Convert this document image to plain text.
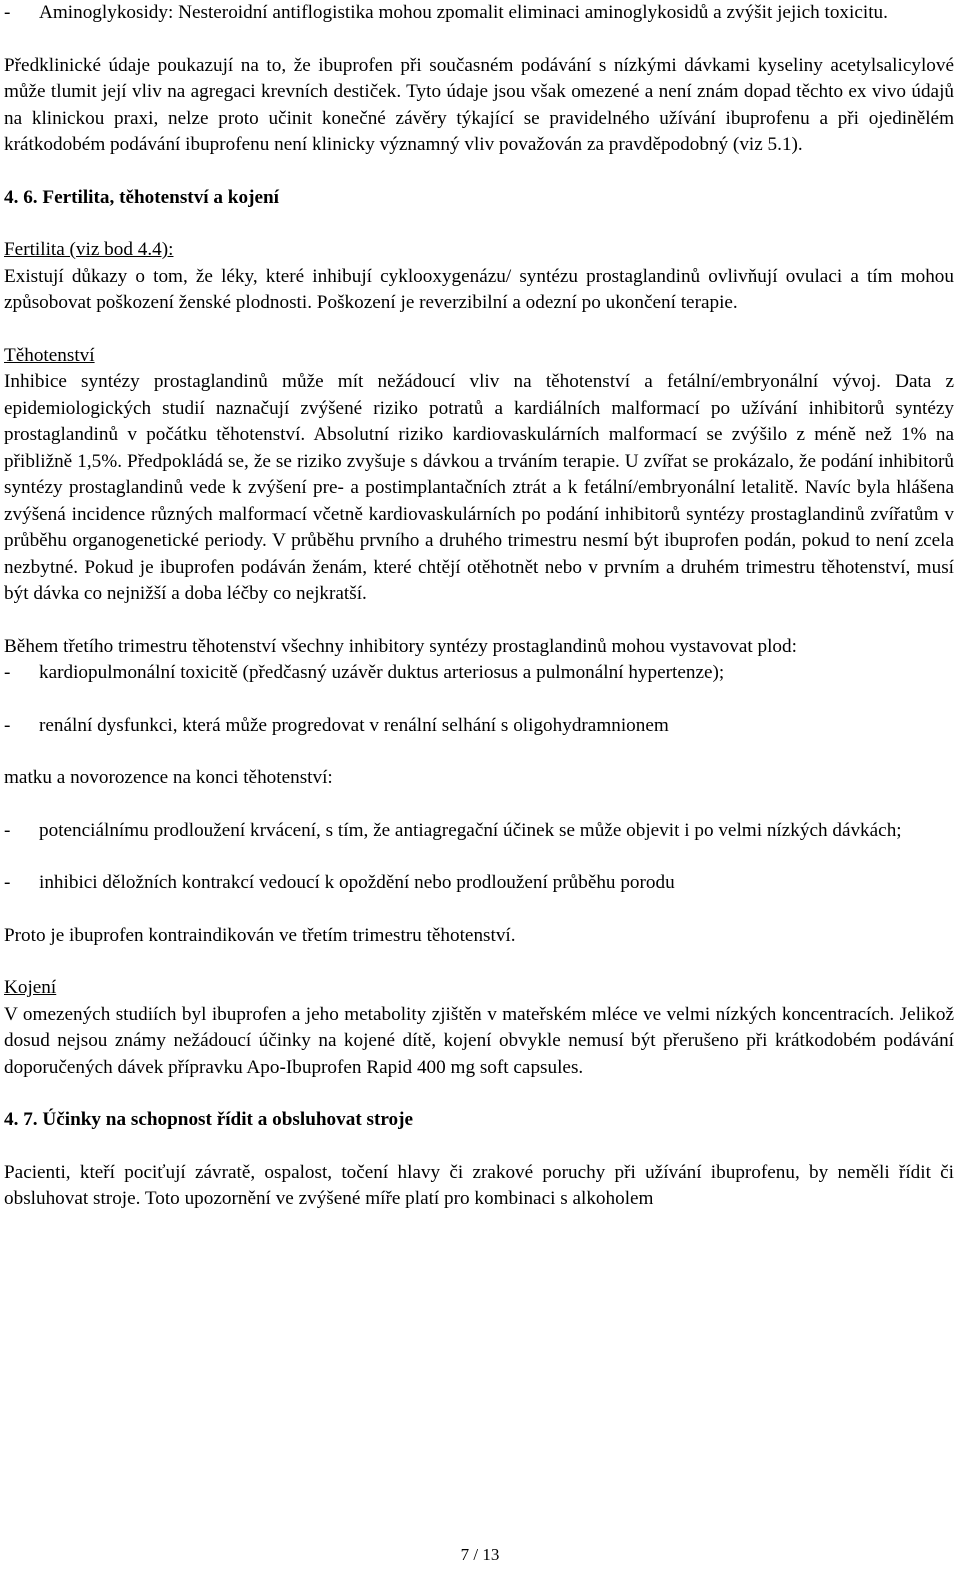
-	Aminoglykosidy: Nesteroidní antiflogistika mohou zpomalit eliminaci aminoglykosidů a zvýšit jejich toxicitu.

Předklinické údaje poukazují na to, že ibuprofen při současném podávání s nízkými dávkami kyseliny acetylsalicylové může tlumit její vliv na agregaci krevních destiček. Tyto údaje jsou však omezené a není znám dopad těchto ex vivo údajů na klinickou praxi, nelze proto učinit konečné závěry týkající se pravidelného užívání ibuprofenu a při ojedinělém krátkodobém podávání ibuprofenu není klinicky významný vliv považován za pravděpodobný (viz 5.1).

4. 6. Fertilita, těhotenství a kojení

Fertilita (viz bod 4.4):

Existují důkazy o tom, že léky, které inhibují cyklooxygenázu/ syntézu prostaglandinů ovlivňují ovulaci a tím mohou způsobovat poškození ženské plodnosti. Poškození je reverzibilní a odezní po ukončení terapie.

Těhotenství

Inhibice syntézy prostaglandinů může mít nežádoucí vliv na těhotenství a fetální/embryonální vývoj. Data z epidemiologických studií naznačují zvýšené riziko potratů a kardiálních malformací po užívání inhibitorů syntézy prostaglandinů v počátku těhotenství. Absolutní riziko kardiovaskulárních malformací se zvýšilo z méně než 1% na přibližně 1,5%. Předpokládá se, že se riziko zvyšuje s dávkou a trváním terapie. U zvířat se prokázalo, že podání inhibitorů syntézy prostaglandinů vede k zvýšení pre- a postimplantačních ztrát a k fetální/embryonální letalitě. Navíc byla hlášena zvýšená incidence různých malformací včetně kardiovaskulárních po podání inhibitorů syntézy prostaglandinů zvířatům v průběhu organogenetické periody. V průběhu prvního a druhého trimestru nesmí být ibuprofen podán, pokud to není zcela nezbytné. Pokud je ibuprofen podáván ženám, které chtějí otěhotnět nebo v prvním a druhém trimestru těhotenství, musí být dávka co nejnižší a doba léčby co nejkratší.

Během třetího trimestru těhotenství všechny inhibitory syntézy prostaglandinů mohou vystavovat plod:

-	kardiopulmonální toxicitě (předčasný uzávěr duktus arteriosus a pulmonální hypertenze);
-	renální dysfunkci, která může progredovat v renální selhání s oligohydramnionem

matku a novorozence na konci těhotenství:

-	potenciálnímu prodloužení krvácení, s tím, že antiagregační účinek se může objevit i po velmi nízkých dávkách;
-	inhibici děložních kontrakcí vedoucí k opoždění nebo prodloužení průběhu porodu

Proto je ibuprofen kontraindikován ve třetím trimestru těhotenství.

Kojení

V omezených studiích byl ibuprofen a jeho metabolity zjištěn v mateřském mléce ve velmi nízkých koncentracích. Jelikož dosud nejsou známy nežádoucí účinky na kojené dítě, kojení obvykle nemusí být přerušeno při krátkodobém podávání doporučených dávek přípravku Apo-Ibuprofen Rapid 400 mg soft capsules.

4. 7. Účinky na schopnost řídit a obsluhovat stroje

Pacienti, kteří pociťují závratě, ospalost, točení hlavy či zrakové poruchy při užívání ibuprofenu, by neměli řídit či obsluhovat stroje. Toto upozornění ve zvýšené míře platí pro kombinaci s alkoholem

7 / 13
